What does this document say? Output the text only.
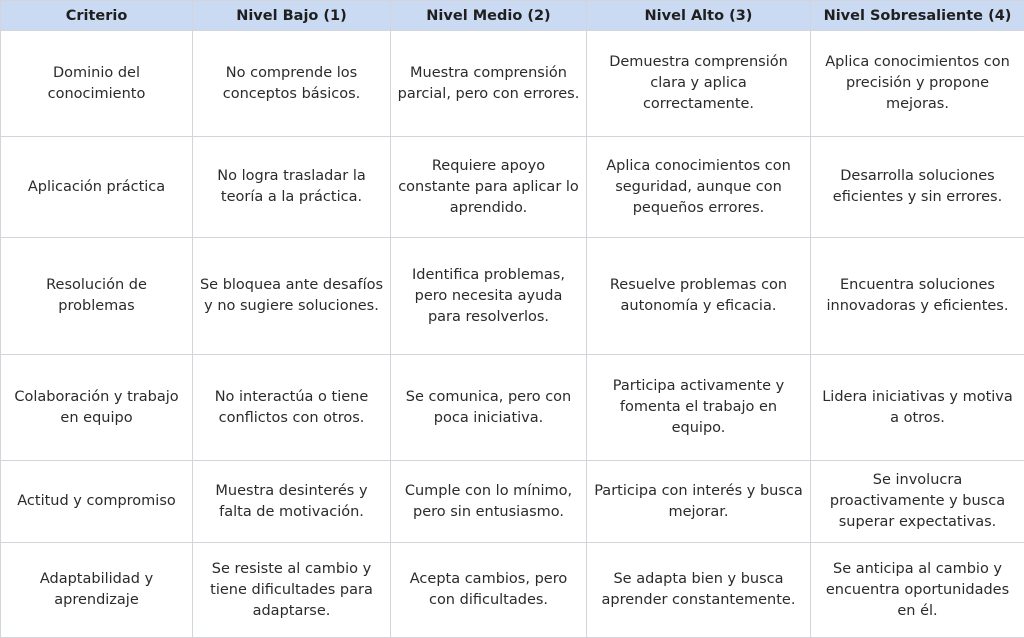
Criterio	Nivel Bajo (1)	Nivel Medio (2)	Nivel Alto (3)	Nivel Sobresaliente (4)
Dominio del conocimiento	No comprende los conceptos básicos.	Muestra comprensión parcial, pero con errores.	Demuestra comprensión clara y aplica correctamente.	Aplica conocimientos con precisión y propone mejoras.
Aplicación práctica	No logra trasladar la teoría a la práctica.	Requiere apoyo constante para aplicar lo aprendido.	Aplica conocimientos con seguridad, aunque con pequeños errores.	Desarrolla soluciones eficientes y sin errores.
Resolución de problemas	Se bloquea ante desafíos y no sugiere soluciones.	Identifica problemas, pero necesita ayuda para resolverlos.	Resuelve problemas con autonomía y eficacia.	Encuentra soluciones innovadoras y eficientes.
Colaboración y trabajo en equipo	No interactúa o tiene conflictos con otros.	Se comunica, pero con poca iniciativa.	Participa activamente y fomenta el trabajo en equipo.	Lidera iniciativas y motiva a otros.
Actitud y compromiso	Muestra desinterés y falta de motivación.	Cumple con lo mínimo, pero sin entusiasmo.	Participa con interés y busca mejorar.	Se involucra proactivamente y busca superar expectativas.
Adaptabilidad y aprendizaje	Se resiste al cambio y tiene dificultades para adaptarse.	Acepta cambios, pero con dificultades.	Se adapta bien y busca aprender constantemente.	Se anticipa al cambio y encuentra oportunidades en él.
